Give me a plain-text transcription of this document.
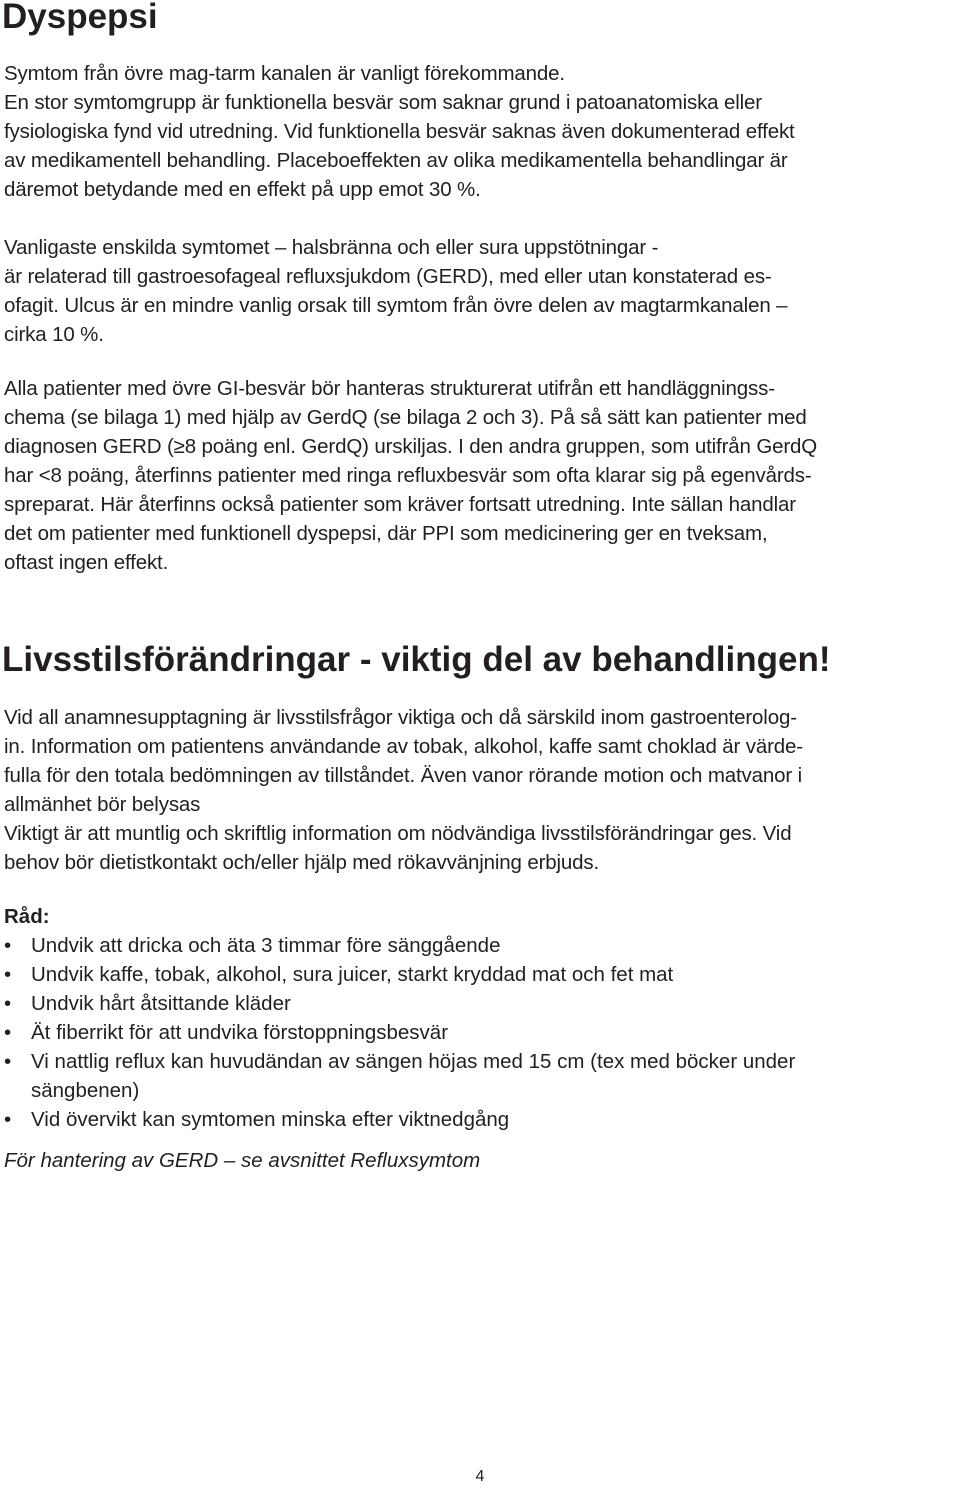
Dyspepsi

Symtom från övre mag-tarm kanalen är vanligt förekommande.
En stor symtomgrupp är funktionella besvär som saknar grund i patoanatomiska eller
fysiologiska fynd vid utredning. Vid funktionella besvär saknas även dokumenterad effekt
av medikamentell behandling. Placeboeffekten av olika medikamentella behandlingar är
däremot betydande med en effekt på upp emot 30 %.

Vanligaste enskilda symtomet – halsbränna och eller sura uppstötningar -
är relaterad till gastroesofageal refluxsjukdom (GERD), med eller utan konstaterad es-
ofagit. Ulcus är en mindre vanlig orsak till symtom från övre delen av magtarmkanalen –
cirka 10 %.

Alla patienter med övre GI-besvär bör hanteras strukturerat utifrån ett handläggningss-
chema (se bilaga 1) med hjälp av GerdQ (se bilaga 2 och 3). På så sätt kan patienter med
diagnosen GERD (≥8 poäng enl. GerdQ) urskiljas. I den andra gruppen, som utifrån GerdQ
har <8 poäng, återfinns patienter med ringa refluxbesvär som ofta klarar sig på egenvårds-
spreparat. Här återfinns också patienter som kräver fortsatt utredning. Inte sällan handlar
det om patienter med funktionell dyspepsi, där PPI som medicinering ger en tveksam,
oftast ingen effekt.

Livsstilsförändringar - viktig del av behandlingen!

Vid all anamnesupptagning är livsstilsfrågor viktiga och då särskild inom gastroenterolog-
in. Information om patientens användande av tobak, alkohol, kaffe samt choklad är värde-
fulla för den totala bedömningen av tillståndet. Även vanor rörande motion och matvanor i
allmänhet bör belysas
Viktigt är att muntlig och skriftlig information om nödvändiga livsstilsförändringar ges. Vid
behov bör dietistkontakt och/eller hjälp med rökavvänjning erbjuds.

Råd:

• Undvik att dricka och äta 3 timmar före sänggående
• Undvik kaffe, tobak, alkohol, sura juicer, starkt kryddad mat och fet mat
• Undvik hårt åtsittande kläder
• Ät fiberrikt för att undvika förstoppningsbesvär
• Vi nattlig reflux kan huvudändan av sängen höjas med 15 cm (tex med böcker under
sängbenen)
• Vid övervikt kan symtomen minska efter viktnedgång

För hantering av GERD – se avsnittet Refluxsymtom

4
